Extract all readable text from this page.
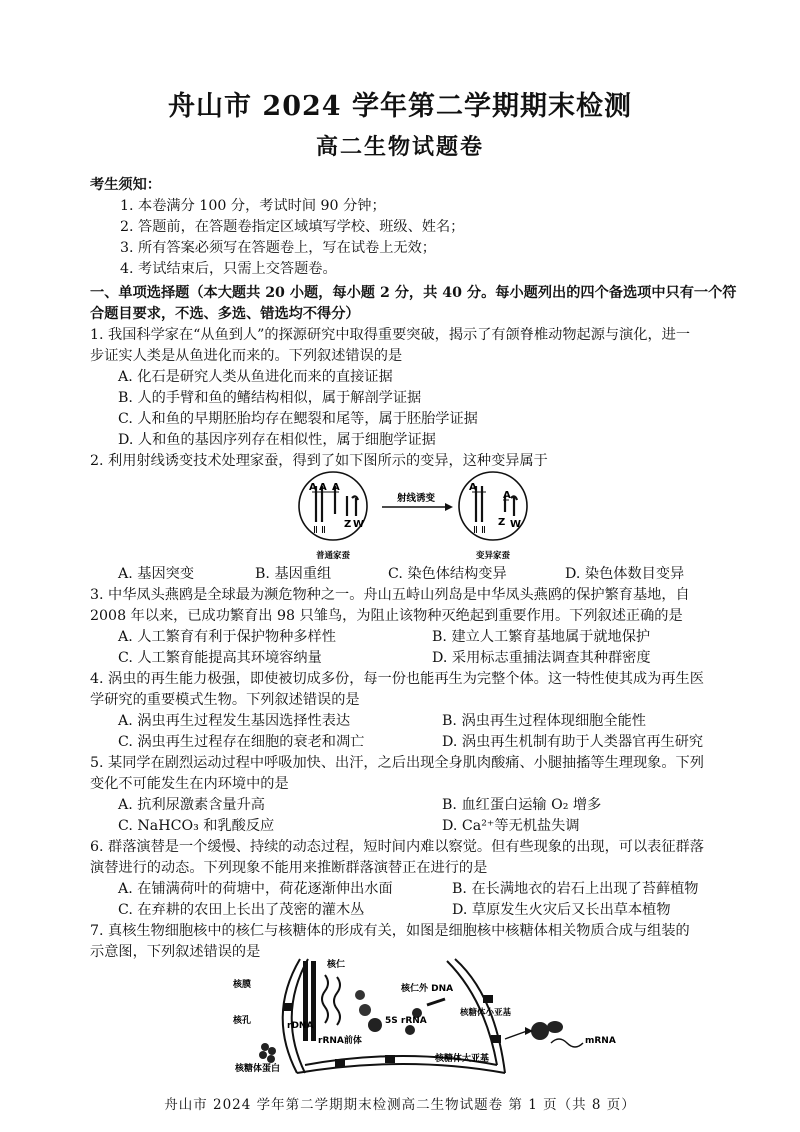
舟山市 2024 学年第二学期期末检测
高二生物试题卷
考生须知：
1. 本卷满分 100 分，考试时间 90 分钟；
2. 答题前，在答题卷指定区域填写学校、班级、姓名；
3. 所有答案必须写在答题卷上，写在试卷上无效；
4. 考试结束后，只需上交答题卷。
一、单项选择题（本大题共 20 小题，每小题 2 分，共 40 分。每小题列出的四个备选项中只有一个符
合题目要求，不选、多选、错选均不得分）
1. 我国科学家在“从鱼到人”的探源研究中取得重要突破，揭示了有颌脊椎动物起源与演化，进一
步证实人类是从鱼进化而来的。下列叙述错误的是
A. 化石是研究人类从鱼进化而来的直接证据
B. 人的手臂和鱼的鳍结构相似，属于解剖学证据
C. 人和鱼的早期胚胎均存在鳃裂和尾等，属于胚胎学证据
D. 人和鱼的基因序列存在相似性，属于细胞学证据
2. 利用射线诱变技术处理家蚕，得到了如下图所示的变异，这种变异属于
A A A
Ⅱ Ⅱ
Z W
普通家蚕
射线诱变
A
A
Ⅱ Ⅱ
Z W
变异家蚕
A. 基因突变	B. 基因重组	C. 染色体结构变异	D. 染色体数目变异
3. 中华凤头燕鸥是全球最为濒危物种之一。舟山五峙山列岛是中华凤头燕鸥的保护繁育基地，自
2008 年以来，已成功繁育出 98 只雏鸟，为阻止该物种灭绝起到重要作用。下列叙述正确的是
A. 人工繁育有利于保护物种多样性	B. 建立人工繁育基地属于就地保护
C. 人工繁育能提高其环境容纳量	D. 采用标志重捕法调查其种群密度
4. 涡虫的再生能力极强，即使被切成多份，每一份也能再生为完整个体。这一特性使其成为再生医
学研究的重要模式生物。下列叙述错误的是
A. 涡虫再生过程发生基因选择性表达	B. 涡虫再生过程体现细胞全能性
C. 涡虫再生过程存在细胞的衰老和凋亡	D. 涡虫再生机制有助于人类器官再生研究
5. 某同学在剧烈运动过程中呼吸加快、出汗，之后出现全身肌肉酸痛、小腿抽搐等生理现象。下列
变化不可能发生在内环境中的是
A. 抗利尿激素含量升高	B. 血红蛋白运输 O₂ 增多
C. NaHCO₃ 和乳酸反应	D. Ca²⁺等无机盐失调
6. 群落演替是一个缓慢、持续的动态过程，短时间内难以察觉。但有些现象的出现，可以表征群落
演替进行的动态。下列现象不能用来推断群落演替正在进行的是
A. 在铺满荷叶的荷塘中，荷花逐渐伸出水面	B. 在长满地衣的岩石上出现了苔藓植物
C. 在弃耕的农田上长出了茂密的灌木丛	D. 草原发生火灾后又长出草本植物
7. 真核生物细胞核中的核仁与核糖体的形成有关，如图是细胞核中核糖体相关物质合成与组装的
示意图，下列叙述错误的是
核仁
核膜
核孔	rDNA
核仁外 DNA
rRNA前体
5S rRNA
核糖体小亚基
核糖体大亚基
核糖体蛋白
mRNA
舟山市 2024 学年第二学期期末检测高二生物试题卷 第 1 页（共 8 页）
